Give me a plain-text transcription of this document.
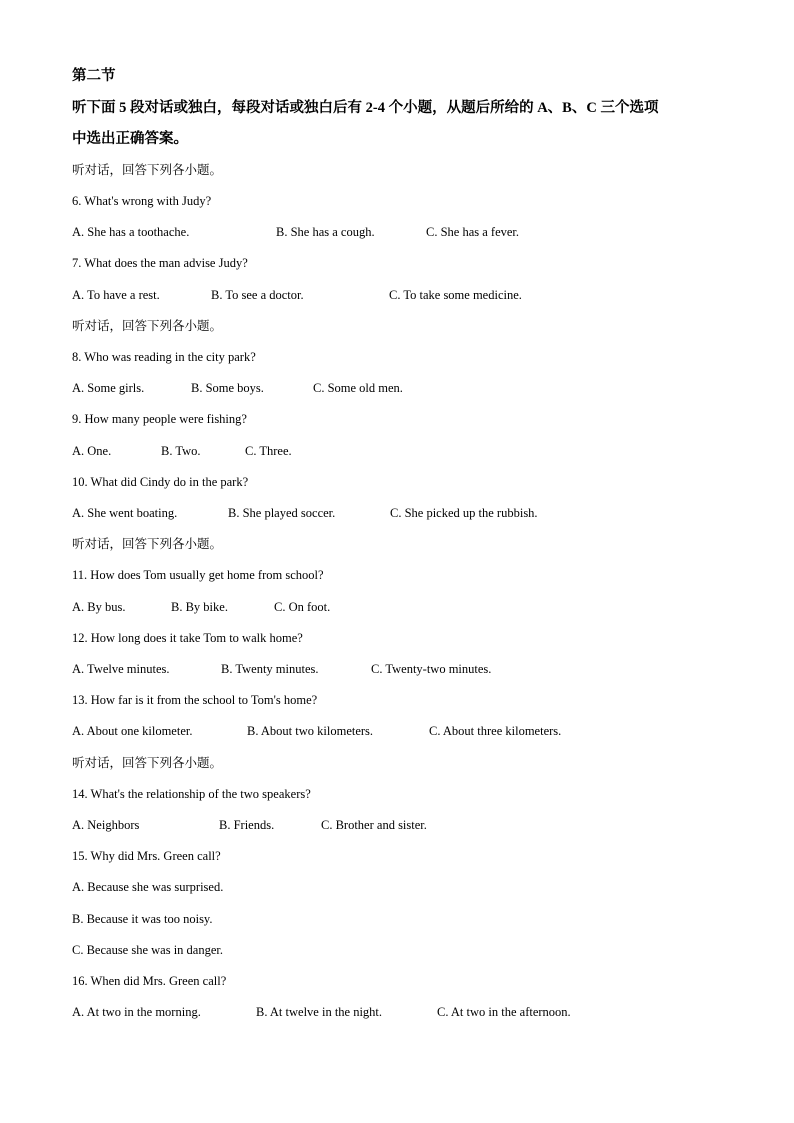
第二节
听下面 5 段对话或独白，每段对话或独白后有 2-4 个小题，从题后所给的 A、B、C 三个选项
中选出正确答案。
听对话，回答下列各小题。
6. What's wrong with Judy?
A. She has a toothache.	B. She has a cough.	C. She has a fever.
7. What does the man advise Judy?
A. To have a rest.	B. To see a doctor.	C. To take some medicine.
听对话，回答下列各小题。
8. Who was reading in the city park?
A. Some girls.	B. Some boys.	C. Some old men.
9. How many people were fishing?
A. One.	B. Two.	C. Three.
10. What did Cindy do in the park?
A. She went boating.	B. She played soccer.	C. She picked up the rubbish.
听对话，回答下列各小题。
11. How does Tom usually get home from school?
A. By bus.	B. By bike.	C. On foot.
12. How long does it take Tom to walk home?
A. Twelve minutes.	B. Twenty minutes.	C. Twenty-two minutes.
13. How far is it from the school to Tom's home?
A. About one kilometer.	B. About two kilometers.	C. About three kilometers.
听对话，回答下列各小题。
14. What's the relationship of the two speakers?
A. Neighbors	B. Friends.	C. Brother and sister.
15. Why did Mrs. Green call?
A. Because she was surprised.
B. Because it was too noisy.
C. Because she was in danger.
16. When did Mrs. Green call?
A. At two in the morning.	B. At twelve in the night.	C. At two in the afternoon.
